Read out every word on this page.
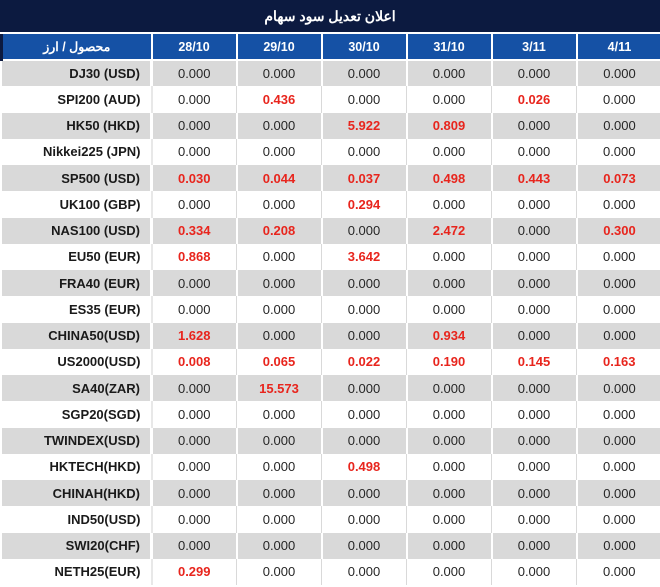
اعلان تعديل سود سهام
محصول / ارز	28/10	29/10	30/10	31/10	3/11	4/11
DJ30 (USD)	0.000	0.000	0.000	0.000	0.000	0.000
SPI200 (AUD)	0.000	0.436	0.000	0.000	0.026	0.000
HK50 (HKD)	0.000	0.000	5.922	0.809	0.000	0.000
Nikkei225 (JPN)	0.000	0.000	0.000	0.000	0.000	0.000
SP500 (USD)	0.030	0.044	0.037	0.498	0.443	0.073
UK100 (GBP)	0.000	0.000	0.294	0.000	0.000	0.000
NAS100 (USD)	0.334	0.208	0.000	2.472	0.000	0.300
EU50 (EUR)	0.868	0.000	3.642	0.000	0.000	0.000
FRA40 (EUR)	0.000	0.000	0.000	0.000	0.000	0.000
ES35 (EUR)	0.000	0.000	0.000	0.000	0.000	0.000
CHINA50(USD)	1.628	0.000	0.000	0.934	0.000	0.000
US2000(USD)	0.008	0.065	0.022	0.190	0.145	0.163
SA40(ZAR)	0.000	15.573	0.000	0.000	0.000	0.000
SGP20(SGD)	0.000	0.000	0.000	0.000	0.000	0.000
TWINDEX(USD)	0.000	0.000	0.000	0.000	0.000	0.000
HKTECH(HKD)	0.000	0.000	0.498	0.000	0.000	0.000
CHINAH(HKD)	0.000	0.000	0.000	0.000	0.000	0.000
IND50(USD)	0.000	0.000	0.000	0.000	0.000	0.000
SWI20(CHF)	0.000	0.000	0.000	0.000	0.000	0.000
NETH25(EUR)	0.299	0.000	0.000	0.000	0.000	0.000
